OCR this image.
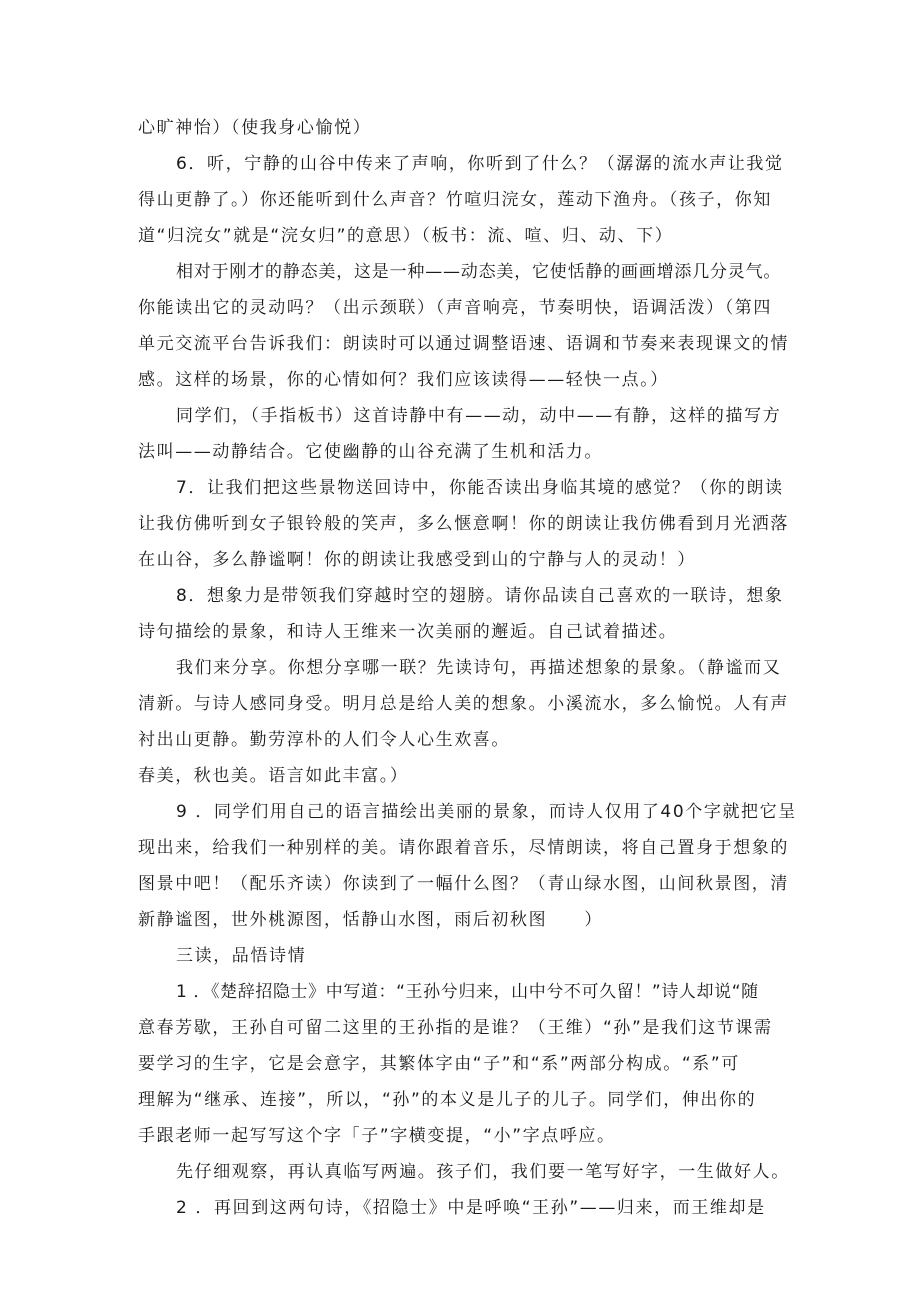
心旷神怡）（使我身心愉悦）
6．听，宁静的山谷中传来了声响，你听到了什么？（潺潺的流水声让我觉
得山更静了。）你还能听到什么声音？竹喧归浣女，莲动下渔舟。（孩子，你知
道“归浣女”就是“浣女归”的意思）（板书：流、喧、归、动、下）
相对于刚才的静态美，这是一种——动态美，它使恬静的画画增添几分灵气。
你能读出它的灵动吗？（出示颈联）（声音响亮，节奏明快，语调活泼）（第四
单元交流平台告诉我们：朗读时可以通过调整语速、语调和节奏来表现课文的情
感。这样的场景，你的心情如何？我们应该读得——轻快一点。）
同学们，（手指板书）这首诗静中有——动，动中——有静，这样的描写方
法叫——动静结合。它使幽静的山谷充满了生机和活力。
7．让我们把这些景物送回诗中，你能否读出身临其境的感觉？（你的朗读
让我仿佛听到女子银铃般的笑声，多么惬意啊！你的朗读让我仿佛看到月光洒落
在山谷，多么静谧啊！你的朗读让我感受到山的宁静与人的灵动！）
8．想象力是带领我们穿越时空的翅膀。请你品读自己喜欢的一联诗，想象
诗句描绘的景象，和诗人王维来一次美丽的邂逅。自己试着描述。
我们来分享。你想分享哪一联？先读诗句，再描述想象的景象。（静谧而又
清新。与诗人感同身受。明月总是给人美的想象。小溪流水，多么愉悦。人有声
衬出山更静。勤劳淳朴的人们令人心生欢喜。
春美，秋也美。语言如此丰富。）
9 ．同学们用自己的语言描绘出美丽的景象，而诗人仅用了40个字就把它呈
现出来，给我们一种别样的美。请你跟着音乐，尽情朗读，将自己置身于想象的
图景中吧！（配乐齐读）你读到了一幅什么图？（青山绿水图，山间秋景图，清
新静谧图，世外桃源图，恬静山水图，雨后初秋图　　）
三读，品悟诗情
1 ．《楚辞招隐士》中写道：“王孙兮归来，山中兮不可久留！”诗人却说“随
意春芳歇，王孙自可留二这里的王孙指的是谁？（王维）“孙”是我们这节课需
要学习的生字，它是会意字，其繁体字由“子”和“系”两部分构成。“系”可
理解为“继承、连接”，所以，“孙”的本义是儿子的儿子。同学们，伸出你的
手跟老师一起写写这个字「子”字横变提，“小”字点呼应。
先仔细观察，再认真临写两遍。孩子们，我们要一笔写好字，一生做好人。
2 ．再回到这两句诗，《招隐士》中是呼唤“王孙”——归来，而王维却是
